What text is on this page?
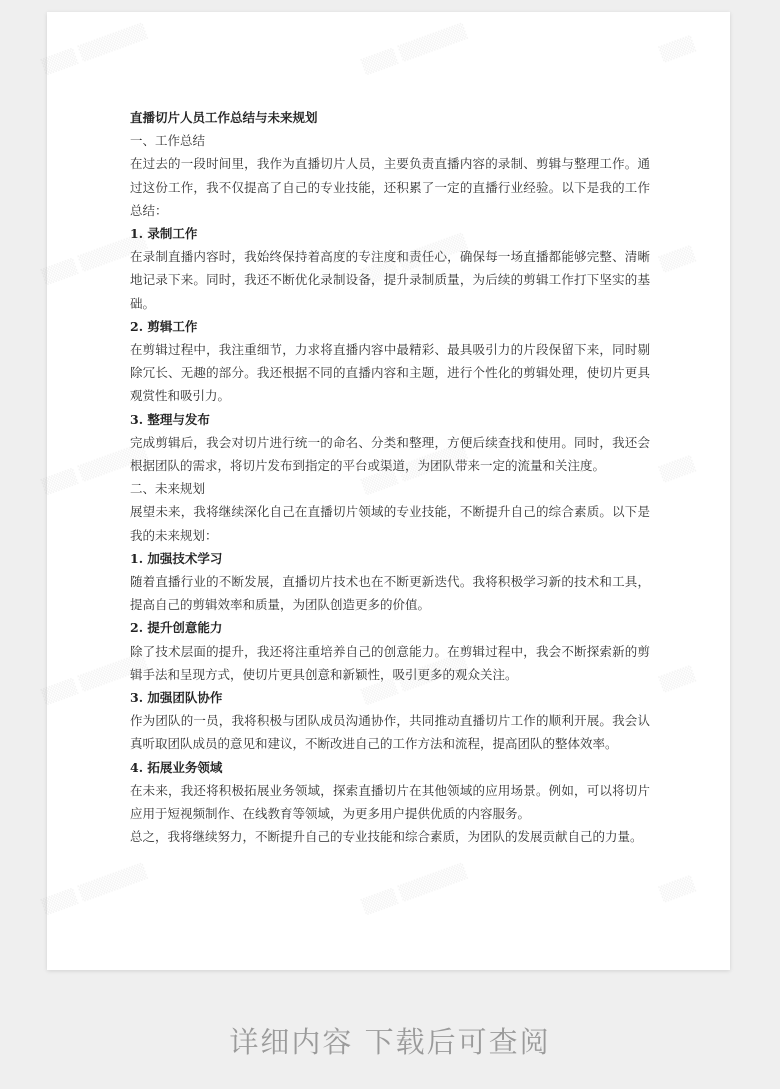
直播切片人员工作总结与未来规划

一、工作总结

在过去的一段时间里，我作为直播切片人员，主要负责直播内容的录制、剪辑与整理工作。通过这份工作，我不仅提高了自己的专业技能，还积累了一定的直播行业经验。以下是我的工作总结：

1. 录制工作

在录制直播内容时，我始终保持着高度的专注度和责任心，确保每一场直播都能够完整、清晰地记录下来。同时，我还不断优化录制设备，提升录制质量，为后续的剪辑工作打下坚实的基础。

2. 剪辑工作

在剪辑过程中，我注重细节，力求将直播内容中最精彩、最具吸引力的片段保留下来，同时剔除冗长、无趣的部分。我还根据不同的直播内容和主题，进行个性化的剪辑处理，使切片更具观赏性和吸引力。

3. 整理与发布

完成剪辑后，我会对切片进行统一的命名、分类和整理，方便后续查找和使用。同时，我还会根据团队的需求，将切片发布到指定的平台或渠道，为团队带来一定的流量和关注度。

二、未来规划

展望未来，我将继续深化自己在直播切片领域的专业技能，不断提升自己的综合素质。以下是我的未来规划：

1. 加强技术学习

随着直播行业的不断发展，直播切片技术也在不断更新迭代。我将积极学习新的技术和工具，提高自己的剪辑效率和质量，为团队创造更多的价值。

2. 提升创意能力

除了技术层面的提升，我还将注重培养自己的创意能力。在剪辑过程中，我会不断探索新的剪辑手法和呈现方式，使切片更具创意和新颖性，吸引更多的观众关注。

3. 加强团队协作

作为团队的一员，我将积极与团队成员沟通协作，共同推动直播切片工作的顺利开展。我会认真听取团队成员的意见和建议，不断改进自己的工作方法和流程，提高团队的整体效率。

4. 拓展业务领域

在未来，我还将积极拓展业务领域，探索直播切片在其他领域的应用场景。例如，可以将切片应用于短视频制作、在线教育等领域，为更多用户提供优质的内容服务。

总之，我将继续努力，不断提升自己的专业技能和综合素质，为团队的发展贡献自己的力量。

详细内容 下载后可查阅
